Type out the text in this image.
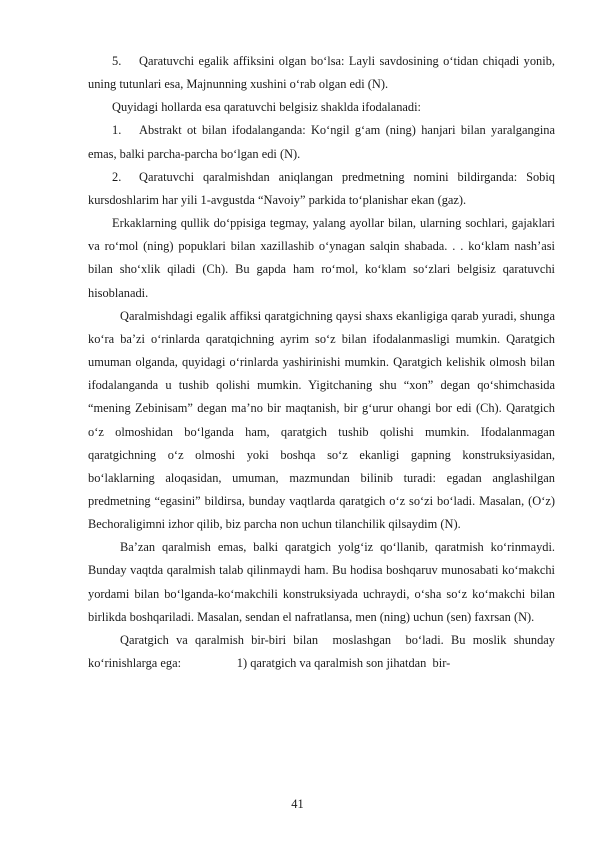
5. Qaratuvchi egalik affiksini olgan bo‘lsa: Layli savdosining o‘tidan chiqadi yonib, uning tutunlari esa, Majnunning xushini o‘rab olgan edi (N).

Quyidagi hollarda esa qaratuvchi belgisiz shaklda ifodalanadi:

1. Abstrakt ot bilan ifodalanganda: Ko‘ngil g‘am (ning) hanjari bilan yaralgangina emas, balki parcha-parcha bo‘lgan edi (N).

2. Qaratuvchi qaralmishdan aniqlangan predmetning nomini bildirganda: Sobiq kursdoshlarim har yili 1-avgustda “Navoiy” parkida to‘planishar ekan (gaz).

Erkaklarning qullik do‘ppisiga tegmay, yalang ayollar bilan, ularning sochlari, gajaklari va ro‘mol (ning) popuklari bilan xazillashib o‘ynagan salqin shabada. . . ko‘klam nash’asi bilan sho‘xlik qiladi (Ch). Bu gapda ham ro‘mol, ko‘klam so‘zlari belgisiz qaratuvchi hisoblanadi.

Qaralmishdagi egalik affiksi qaratgichning qaysi shaxs ekanligiga qarab yuradi, shunga ko‘ra ba’zi o‘rinlarda qaratqichning ayrim so‘z bilan ifodalanmasligi mumkin. Qaratgich umuman olganda, quyidagi o‘rinlarda yashirinishi mumkin. Qaratgich kelishik olmosh bilan ifodalanganda u tushib qolishi mumkin. Yigitchaning shu “xon” degan qo‘shimchasida “mening Zebinisam” degan ma’no bir maqtanish, bir g‘urur ohangi bor edi (Ch). Qaratgich o‘z olmoshidan bo‘lganda ham, qaratgich tushib qolishi mumkin. Ifodalanmagan qaratgichning o‘z olmoshi yoki boshqa so‘z ekanligi gapning konstruksiyasidan, bo‘laklarning aloqasidan, umuman, mazmundan bilinib turadi: egadan anglashilgan predmetning “egasini” bildirsa, bunday vaqtlarda qaratgich o‘z so‘zi bo‘ladi. Masalan, (O‘z) Bechoraligimni izhor qilib, biz parcha non uchun tilanchilik qilsaydim (N).

Ba’zan qaralmish emas, balki qaratgich yolg‘iz qo‘llanib, qaratmish ko‘rinmaydi. Bunday vaqtda qaralmish talab qilinmaydi ham. Bu hodisa boshqaruv munosabati ko‘makchi yordami bilan bo‘lganda-ko‘makchili konstruksiyada uchraydi, o‘sha so‘z ko‘makchi bilan birlikda boshqariladi. Masalan, sendan el nafratlansa, men (ning) uchun (sen) faxrsan (N).

Qaratgich va qaralmish bir-biri bilan  moslashgan  bo‘ladi. Bu moslik shunday ko‘rinishlarga ega:                  1) qaratgich va qaralmish son jihatdan  bir-

41
